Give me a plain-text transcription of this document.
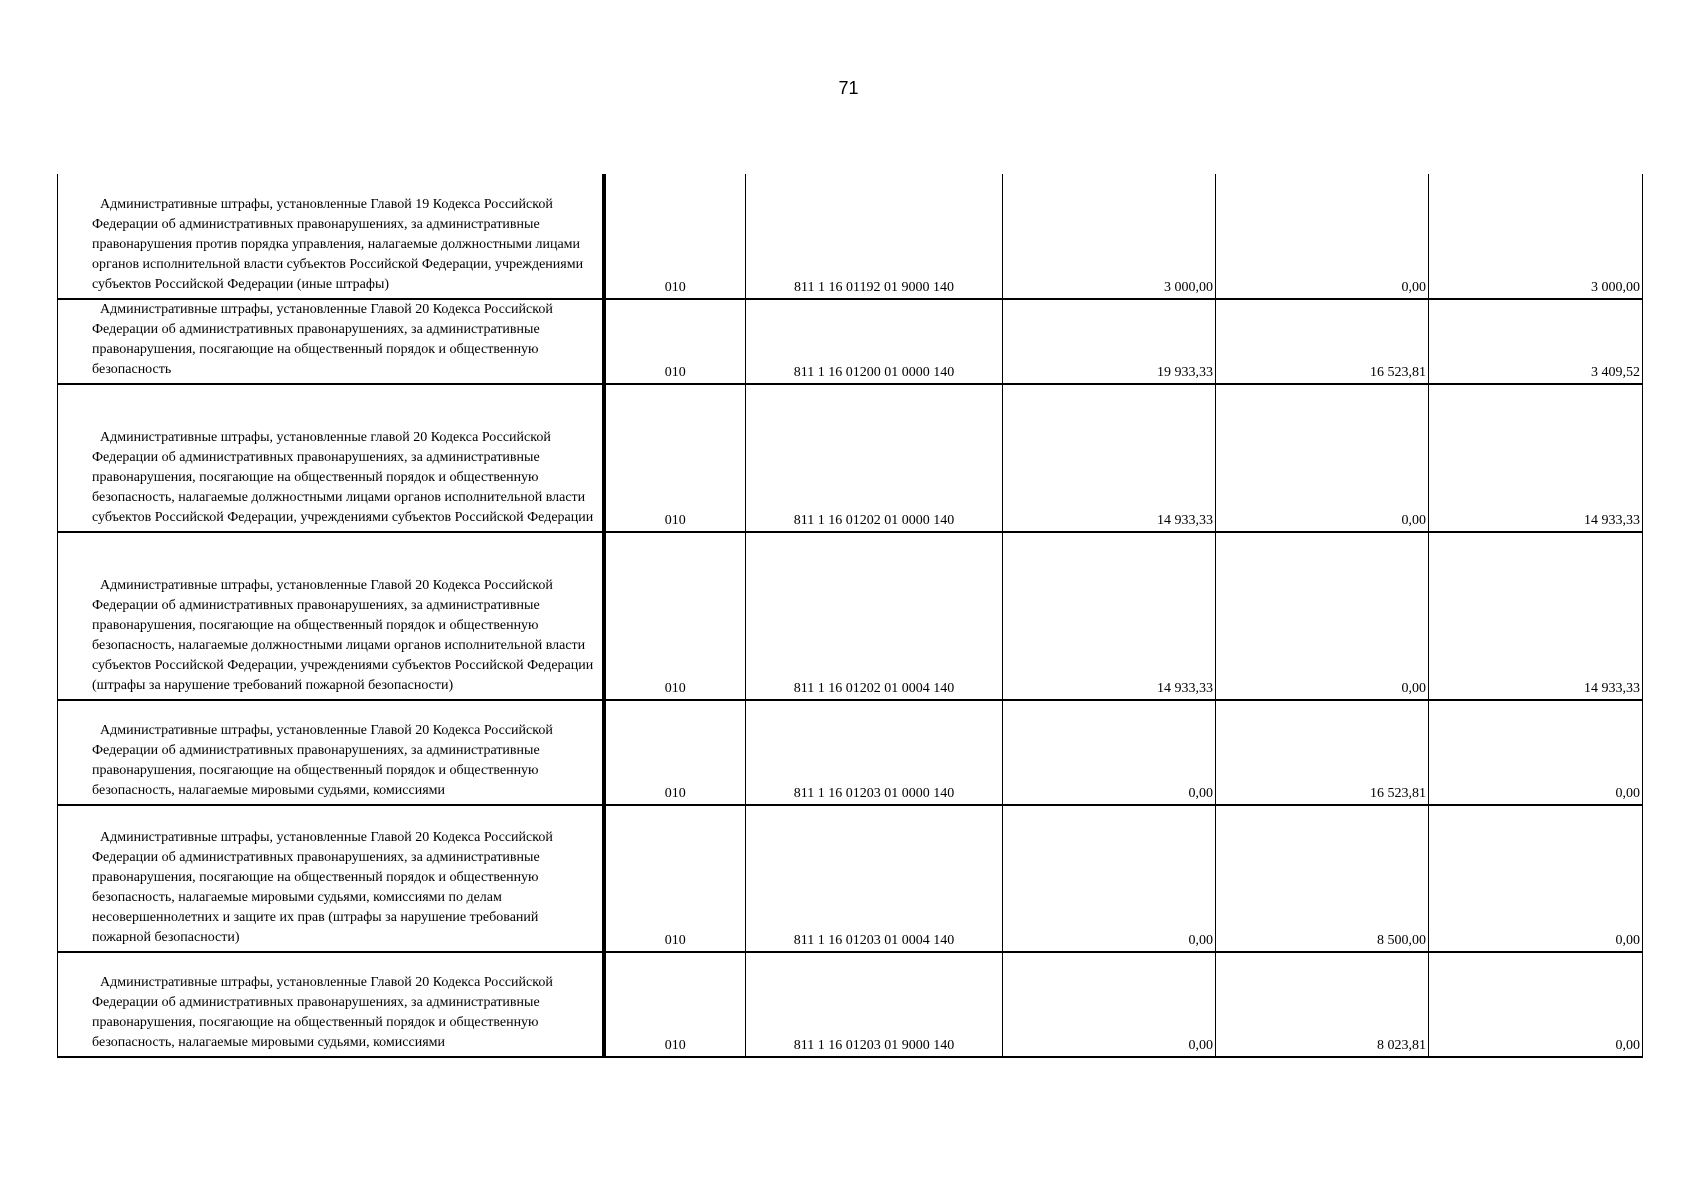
71
Административные штрафы, установленные Главой 19 Кодекса Российской Федерации об административных правонарушениях, за административные правонарушения против порядка управления, налагаемые должностными лицами органов исполнительной власти субъектов Российской Федерации, учреждениями субъектов Российской Федерации (иные штрафы)	010	811 1 16 01192 01 9000 140	3 000,00	0,00	3 000,00
Административные штрафы, установленные Главой 20 Кодекса Российской Федерации об административных правонарушениях, за административные правонарушения, посягающие на общественный порядок и общественную безопасность	010	811 1 16 01200 01 0000 140	19 933,33	16 523,81	3 409,52
Административные штрафы, установленные главой 20 Кодекса Российской Федерации об административных правонарушениях, за административные правонарушения, посягающие на общественный порядок и общественную безопасность, налагаемые должностными лицами органов исполнительной власти субъектов Российской Федерации, учреждениями субъектов Российской Федерации	010	811 1 16 01202 01 0000 140	14 933,33	0,00	14 933,33
Административные штрафы, установленные Главой 20 Кодекса Российской Федерации об административных правонарушениях, за административные правонарушения, посягающие на общественный порядок и общественную безопасность, налагаемые должностными лицами органов исполнительной власти субъектов Российской Федерации, учреждениями субъектов Российской Федерации (штрафы за нарушение требований пожарной безопасности)	010	811 1 16 01202 01 0004 140	14 933,33	0,00	14 933,33
Административные штрафы, установленные Главой 20 Кодекса Российской Федерации об административных правонарушениях, за административные правонарушения, посягающие на общественный порядок и общественную безопасность, налагаемые мировыми судьями, комиссиями	010	811 1 16 01203 01 0000 140	0,00	16 523,81	0,00
Административные штрафы, установленные Главой 20 Кодекса Российской Федерации об административных правонарушениях, за административные правонарушения, посягающие на общественный порядок и общественную безопасность, налагаемые мировыми судьями, комиссиями по делам несовершеннолетних и защите их прав (штрафы за нарушение требований пожарной безопасности)	010	811 1 16 01203 01 0004 140	0,00	8 500,00	0,00
Административные штрафы, установленные Главой 20 Кодекса Российской Федерации об административных правонарушениях, за административные правонарушения, посягающие на общественный порядок и общественную безопасность, налагаемые мировыми судьями, комиссиями	010	811 1 16 01203 01 9000 140	0,00	8 023,81	0,00
